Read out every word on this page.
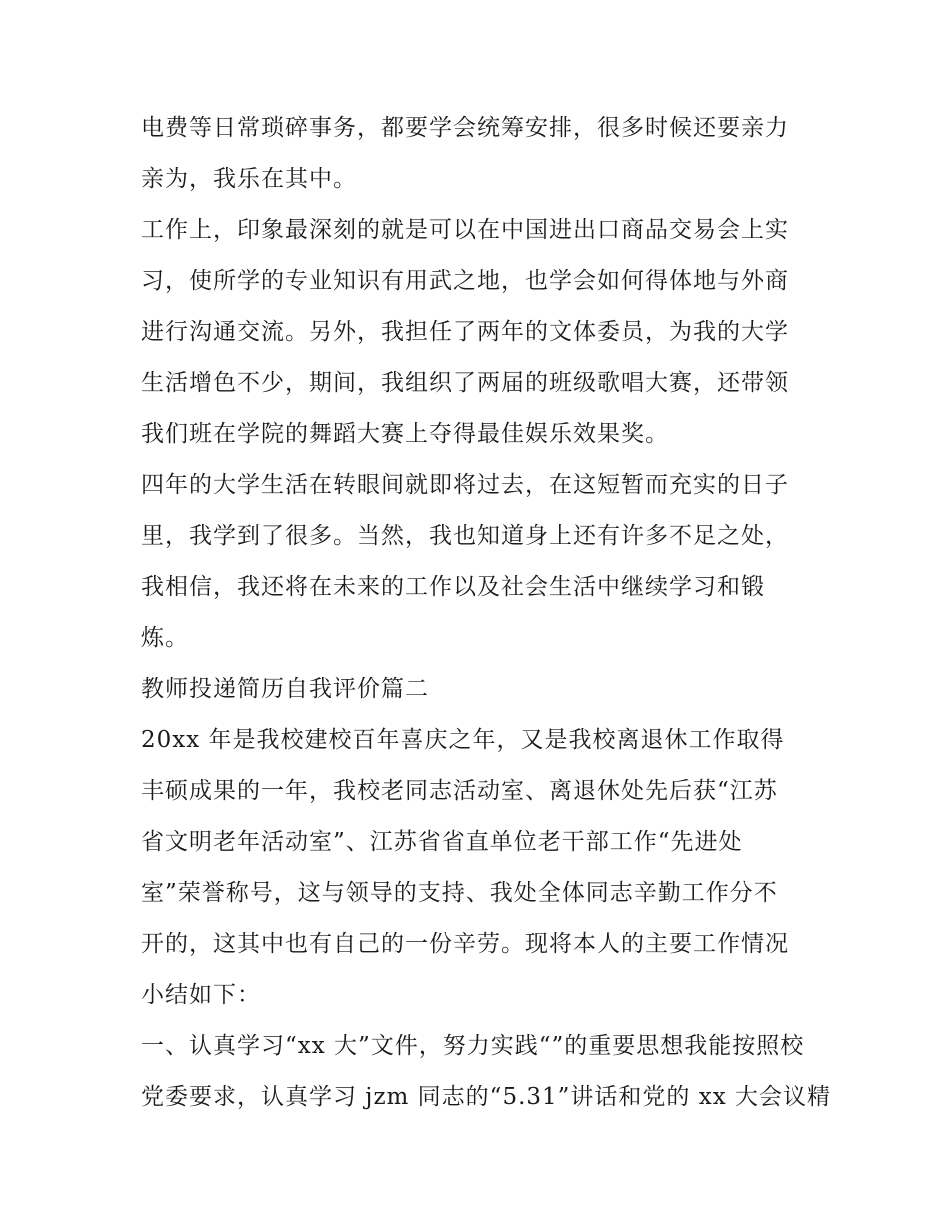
电费等日常琐碎事务，都要学会统筹安排，很多时候还要亲力
亲为，我乐在其中。
工作上，印象最深刻的就是可以在中国进出口商品交易会上实
习，使所学的专业知识有用武之地，也学会如何得体地与外商
进行沟通交流。另外，我担任了两年的文体委员，为我的大学
生活增色不少，期间，我组织了两届的班级歌唱大赛，还带领
我们班在学院的舞蹈大赛上夺得最佳娱乐效果奖。
四年的大学生活在转眼间就即将过去，在这短暂而充实的日子
里，我学到了很多。当然，我也知道身上还有许多不足之处，
我相信，我还将在未来的工作以及社会生活中继续学习和锻
炼。
教师投递简历自我评价篇二
20xx 年是我校建校百年喜庆之年，又是我校离退休工作取得
丰硕成果的一年，我校老同志活动室、离退休处先后获“江苏
省文明老年活动室”、江苏省省直单位老干部工作“先进处
室”荣誉称号，这与领导的支持、我处全体同志辛勤工作分不
开的，这其中也有自己的一份辛劳。现将本人的主要工作情况
小结如下：
一、认真学习“xx 大”文件，努力实践“”的重要思想我能按照校
党委要求，认真学习 jzm 同志的“5.31”讲话和党的 xx 大会议精
